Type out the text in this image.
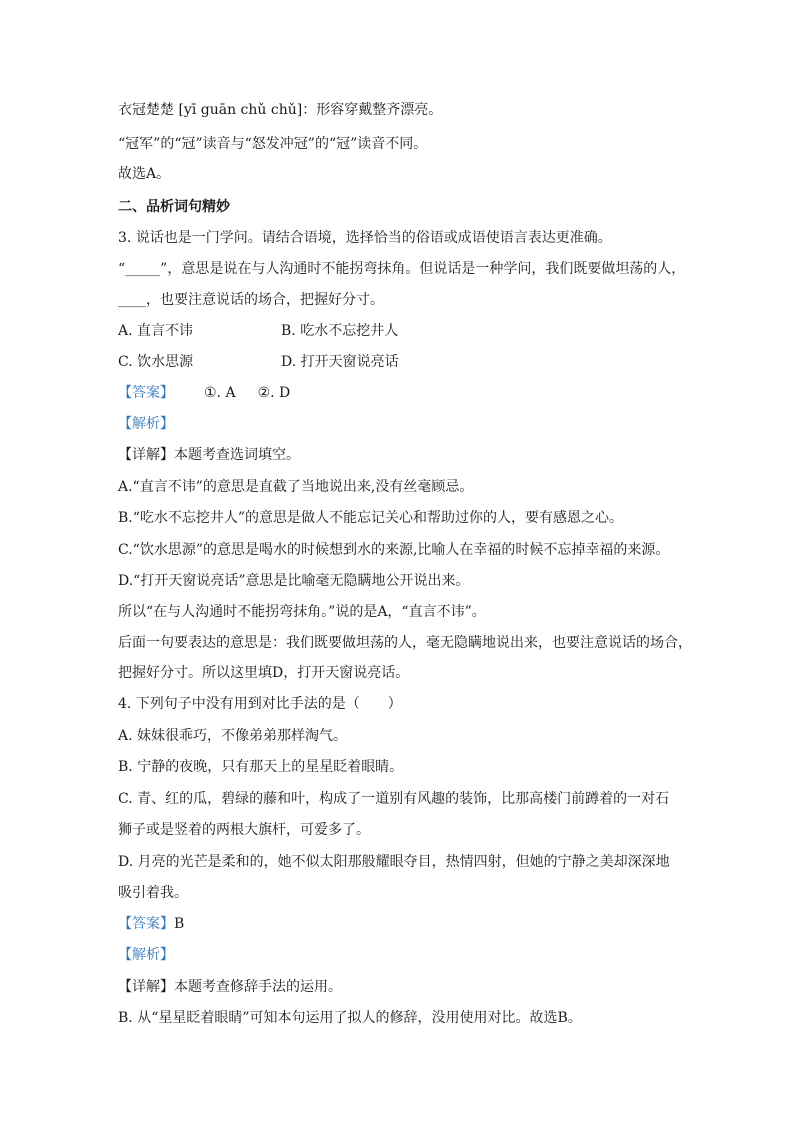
衣冠楚楚 [yī guān chǔ chǔ]：形容穿戴整齐漂亮。
“冠军”的“冠”读音与“怒发冲冠”的“冠”读音不同。
故选A。
二、品析词句精妙
3. 说话也是一门学问。请结合语境，选择恰当的俗语或成语使语言表达更准确。
“_____”，意思是说在与人沟通时不能拐弯抹角。但说话是一种学问，我们既要做坦荡的人，
____，也要注意说话的场合，把握好分寸。
A. 直言不讳	B. 吃水不忘挖井人
C. 饮水思源	D. 打开天窗说亮话
【答案】 ①. A ②. D
【解析】
【详解】本题考查选词填空。
A.“直言不讳”的意思是直截了当地说出来,没有丝毫顾忌。
B.“吃水不忘挖井人”的意思是做人不能忘记关心和帮助过你的人，要有感恩之心。
C.“饮水思源”的意思是喝水的时候想到水的来源,比喻人在幸福的时候不忘掉幸福的来源。
D.“打开天窗说亮话”意思是比喻毫无隐瞒地公开说出来。
所以“在与人沟通时不能拐弯抹角。”说的是A，“直言不讳”。
后面一句要表达的意思是：我们既要做坦荡的人，毫无隐瞒地说出来，也要注意说话的场合，
把握好分寸。所以这里填D，打开天窗说亮话。
4. 下列句子中没有用到对比手法的是（　　）
A. 妹妹很乖巧，不像弟弟那样淘气。
B. 宁静的夜晚，只有那天上的星星眨着眼睛。
C. 青、红的瓜，碧绿的藤和叶，构成了一道别有风趣的装饰，比那高楼门前蹲着的一对石
狮子或是竖着的两根大旗杆，可爱多了。
D. 月亮的光芒是柔和的，她不似太阳那般耀眼夺目，热情四射，但她的宁静之美却深深地
吸引着我。
【答案】B
【解析】
【详解】本题考查修辞手法的运用。
B. 从“星星眨着眼睛”可知本句运用了拟人的修辞，没用使用对比。故选B。
